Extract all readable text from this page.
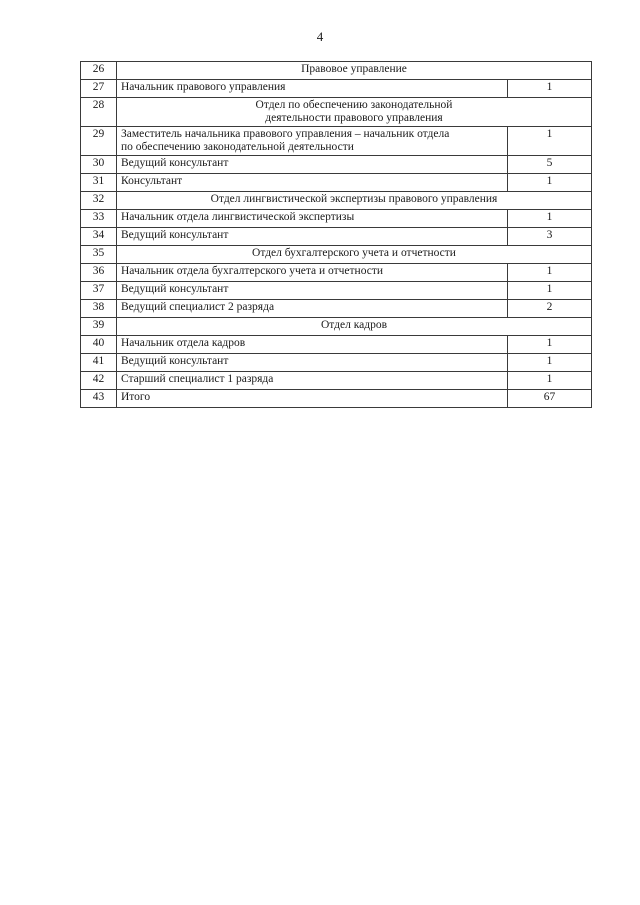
4
26	Правовое управление	
27	Начальник правового управления	1
28	Отдел по обеспечению законодательной
деятельности правового управления	

29	Заместитель начальника правового управления – начальник отдела
по обеспечению законодательной деятельности	1
30	Ведущий консультант	5
31	Консультант	1
32	Отдел лингвистической экспертизы правового управления	
33	Начальник отдела лингвистической экспертизы	1
34	Ведущий консультант	3
35	Отдел бухгалтерского учета и отчетности	
36	Начальник отдела бухгалтерского учета и отчетности	1
37	Ведущий консультант	1
38	Ведущий специалист 2 разряда	2
39	Отдел кадров	
40	Начальник отдела кадров	1
41	Ведущий консультант	1
42	Старший специалист 1 разряда	1
43	Итого	67
